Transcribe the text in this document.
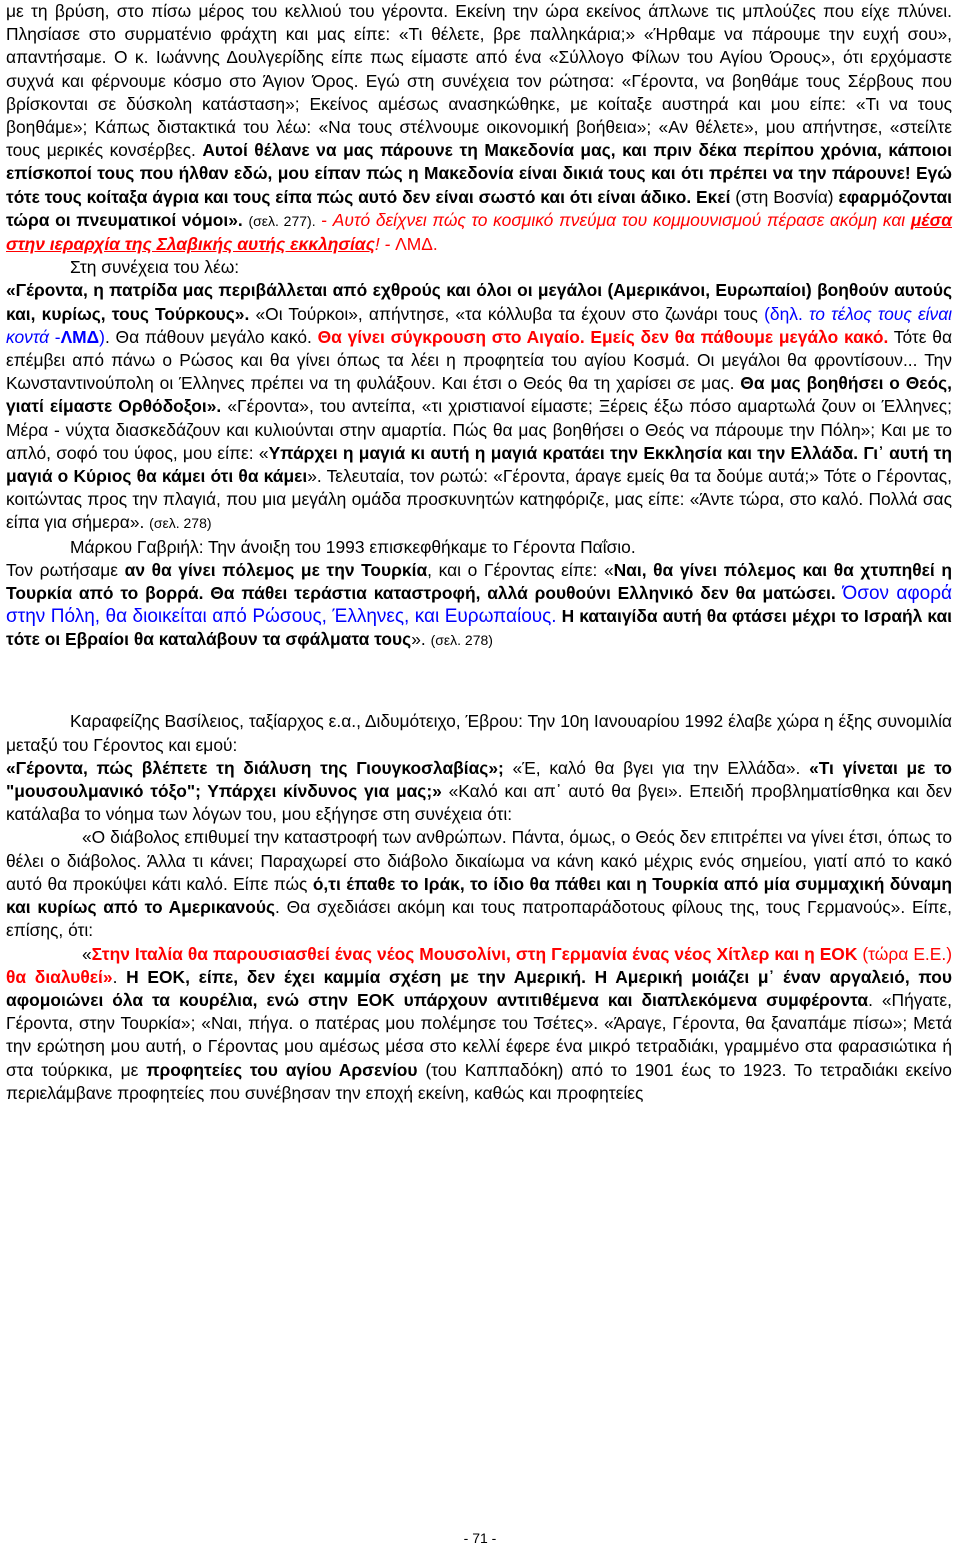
με τη βρύση, στο πίσω μέρος του κελλιού του γέροντα. Εκείνη την ώρα εκείνος άπλωνε τις μπλούζες που είχε πλύνει. Πλησίασε στο συρματένιο φράχτη και μας είπε: «Τι θέλετε, βρε παλληκάρια;» «Ήρθαμε να πάρουμε την ευχή σου», απαντήσαμε. Ο κ. Ιωάννης Δουλγερίδης είπε πως είμαστε από ένα «Σύλλογο Φίλων του Αγίου Όρους», ότι ερχόμαστε συχνά και φέρνουμε κόσμο στο Άγιον Όρος. Εγώ στη συνέχεια τον ρώτησα: «Γέροντα, να βοηθάμε τους Σέρβους που βρίσκονται σε δύσκολη κατάσταση»; Εκείνος αμέσως ανασηκώθηκε, με κοίταξε αυστηρά και μου είπε: «Τι να τους βοηθάμε»; Κάπως διστακτικά του λέω: «Να τους στέλνουμε οικονομική βοήθεια»; «Αν θέλετε», μου απήντησε, «στείλτε τους μερικές κονσέρβες. Αυτοί θέλανε να μας πάρουνε τη Μακεδονία μας, και πριν δέκα περίπου χρόνια, κάποιοι επίσκοποί τους που ήλθαν εδώ, μου είπαν πώς η Μακεδονία είναι δικιά τους και ότι πρέπει να την πάρουνε! Εγώ τότε τους κοίταξα άγρια και τους είπα πώς αυτό δεν είναι σωστό και ότι είναι άδικο. Εκεί (στη Βοσνία) εφαρμόζονται τώρα οι πνευματικοί νόμοι». (σελ. 277). - Αυτό δείχνει πώς το κοσμικό πνεύμα του κομμουνισμού πέρασε ακόμη και μέσα στην ιεραρχία της Σλαβικής αυτής εκκλησίας! - ΛΜΔ.

Στη συνέχεια του λέω:

«Γέροντα, η πατρίδα μας περιβάλλεται από εχθρούς και όλοι οι μεγάλοι (Αμερικάνοι, Ευρωπαίοι) βοηθούν αυτούς και, κυρίως, τους Τούρκους». «Οι Τούρκοι», απήντησε, «τα κόλλυβα τα έχουν στο ζωνάρι τους (δηλ. το τέλος τους είναι κοντά -ΛΜΔ). Θα πάθουν μεγάλο κακό. Θα γίνει σύγκρουση στο Αιγαίο. Εμείς δεν θα πάθουμε μεγάλο κακό. Τότε θα επέμβει από πάνω ο Ρώσος και θα γίνει όπως τα λέει η προφητεία του αγίου Κοσμά. Οι μεγάλοι θα φροντίσουν... Την Κωνσταντινούπολη οι Έλληνες πρέπει να τη φυλάξουν. Και έτσι ο Θεός θα τη χαρίσει σε μας. Θα μας βοηθήσει ο Θεός, γιατί είμαστε Ορθόδοξοι». «Γέροντα», του αντείπα, «τι χριστιανοί είμαστε; Ξέρεις έξω πόσο αμαρτωλά ζουν οι Έλληνες; Μέρα - νύχτα διασκεδάζουν και κυλιούνται στην αμαρτία. Πώς θα μας βοηθήσει ο Θεός να πάρουμε την Πόλη»; Και με το απλό, σοφό του ύφος, μου είπε: «Υπάρχει η μαγιά κι αυτή η μαγιά κρατάει την Εκκλησία και την Ελλάδα. Γι᾽ αυτή τη μαγιά ο Κύριος θα κάμει ότι θα κάμει». Τελευταία, τον ρωτώ: «Γέροντα, άραγε εμείς θα τα δούμε αυτά;» Τότε ο Γέροντας, κοιτώντας προς την πλαγιά, που μια μεγάλη ομάδα προσκυνητών κατηφόριζε, μας είπε: «Άντε τώρα, στο καλό. Πολλά σας είπα για σήμερα». (σελ. 278)

Μάρκου Γαβριήλ: Την άνοιξη του 1993 επισκεφθήκαμε το Γέροντα Παΐσιο.

Τον ρωτήσαμε αν θα γίνει πόλεμος με την Τουρκία, και ο Γέροντας είπε: «Ναι, θα γίνει πόλεμος και θα χτυπηθεί η Τουρκία από το βορρά. Θα πάθει τεράστια καταστροφή, αλλά ρουθούνι Ελληνικό δεν θα ματώσει. Όσον αφορά στην Πόλη, θα διοικείται από Ρώσους, Έλληνες, και Ευρωπαίους. Η καταιγίδα αυτή θα φτάσει μέχρι το Ισραήλ και τότε οι Εβραίοι θα καταλάβουν τα σφάλματα τους». (σελ. 278)

Καραφείζης Βασίλειος, ταξίαρχος ε.α., Διδυμότειχο, Έβρου: Την 10η Ιανουαρίου 1992 έλαβε χώρα η έξης συνομιλία μεταξύ του Γέροντος και εμού:

«Γέροντα, πώς βλέπετε τη διάλυση της Γιουγκοσλαβίας»; «Έ, καλό θα βγει για την Ελλάδα». «Τι γίνεται με το "μουσουλμανικό τόξο"; Υπάρχει κίνδυνος για μας;» «Καλό και απ᾽ αυτό θα βγει». Επειδή προβληματίσθηκα και δεν κατάλαβα το νόημα των λόγων του, μου εξήγησε στη συνέχεια ότι:

«Ο διάβολος επιθυμεί την καταστροφή των ανθρώπων. Πάντα, όμως, ο Θεός δεν επιτρέπει να γίνει έτσι, όπως το θέλει ο διάβολος. Άλλα τι κάνει; Παραχωρεί στο διάβολο δικαίωμα να κάνη κακό μέχρις ενός σημείου, γιατί από το κακό αυτό θα προκύψει κάτι καλό. Είπε πώς ό,τι έπαθε το Ιράκ, το ίδιο θα πάθει και η Τουρκία από μία συμμαχική δύναμη και κυρίως από το Αμερικανούς. Θα σχεδιάσει ακόμη και τους πατροπαράδοτους φίλους της, τους Γερμανούς». Είπε, επίσης, ότι:

«Στην Ιταλία θα παρουσιασθεί ένας νέος Μουσολίνι, στη Γερμανία ένας νέος Χίτλερ και η ΕΟΚ (τώρα Ε.Ε.) θα διαλυθεί». Η ΕΟΚ, είπε, δεν έχει καμμία σχέση με την Αμερική. Η Αμερική μοιάζει μ᾽ έναν αργαλειό, που αφομοιώνει όλα τα κουρέλια, ενώ στην ΕΟΚ υπάρχουν αντιτιθέμενα και διαπλεκόμενα συμφέροντα. «Πήγατε, Γέροντα, στην Τουρκία»; «Ναι, πήγα. ο πατέρας μου πολέμησε του Τσέτες». «Άραγε, Γέροντα, θα ξαναπάμε πίσω»; Μετά την ερώτηση μου αυτή, ο Γέροντας μου αμέσως μέσα στο κελλί έφερε ένα μικρό τετραδιάκι, γραμμένο στα φαρασιώτικα ή στα τούρκικα, με προφητείες του αγίου Αρσενίου (του Καππαδόκη) από το 1901 έως το 1923. Το τετραδιάκι εκείνο περιελάμβανε προφητείες που συνέβησαν την εποχή εκείνη, καθώς και προφητείες

- 71 -
